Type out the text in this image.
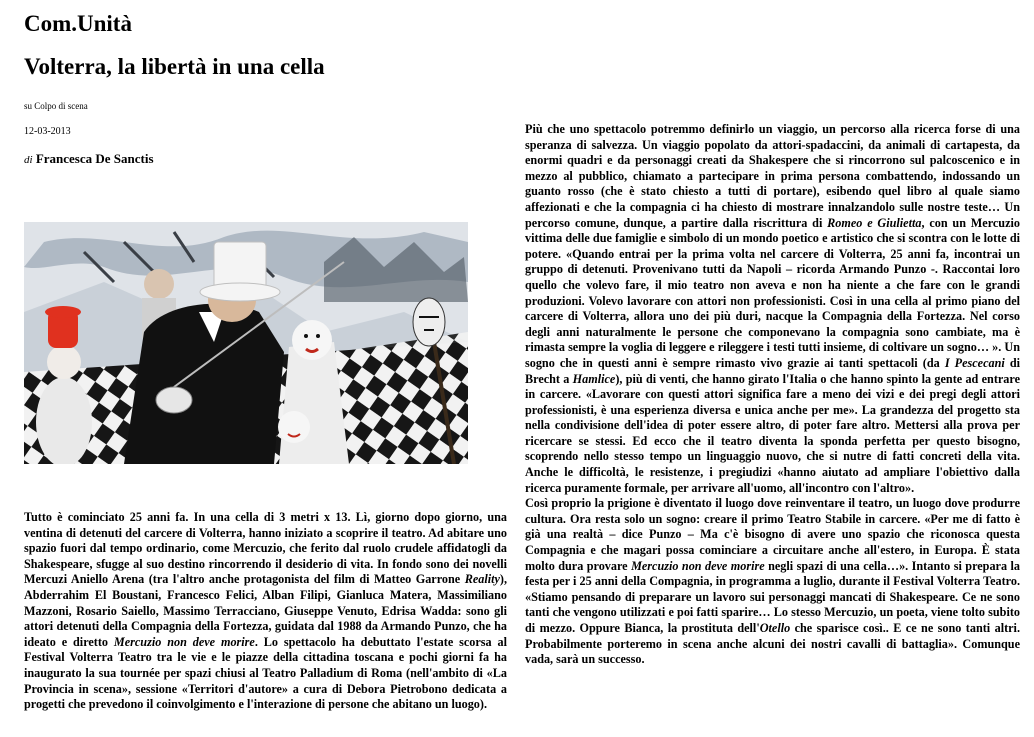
Com.Unità
Volterra, la libertà in una cella
su Colpo di scena
12-03-2013
di Francesca De Sanctis

Tutto è cominciato 25 anni fa. In una cella di 3 metri x 13. Lì, giorno dopo giorno, una ventina di detenuti del carcere di Volterra, hanno iniziato a scoprire il teatro. Ad abitare uno spazio fuori dal tempo ordinario, come Mercuzio, che ferito dal ruolo crudele affidatogli da Shakespeare, sfugge al suo destino rincorrendo il desiderio di vita. In fondo sono dei novelli Mercuzi Aniello Arena (tra l'altro anche protagonista del film di Matteo Garrone Reality), Abderrahim El Boustani, Francesco Felici, Alban Filipi, Gianluca Matera, Massimiliano Mazzoni, Rosario Saiello, Massimo Terracciano, Giuseppe Venuto, Edrisa Wadda: sono gli attori detenuti della Compagnia della Fortezza, guidata dal 1988 da Armando Punzo, che ha ideato e diretto Mercuzio non deve morire. Lo spettacolo ha debuttato l'estate scorsa al Festival Volterra Teatro tra le vie e le piazze della cittadina toscana e pochi giorni fa ha inaugurato la sua tournée per spazi chiusi al Teatro Palladium di Roma (nell'ambito di «La Provincia in scena», sessione «Territori d'autore» a cura di Debora Pietrobono dedicata a progetti che prevedono il coinvolgimento e l'interazione di persone che abitano un luogo).

Più che uno spettacolo potremmo definirlo un viaggio, un percorso alla ricerca forse di una speranza di salvezza. Un viaggio popolato da attori-spadaccini, da animali di cartapesta, da enormi quadri e da personaggi creati da Shakespere che si rincorrono sul palcoscenico e in mezzo al pubblico, chiamato a partecipare in prima persona combattendo, indossando un guanto rosso (che è stato chiesto a tutti di portare), esibendo quel libro al quale siamo affezionati e che la compagnia ci ha chiesto di mostrare innalzandolo sulle nostre teste… Un percorso comune, dunque, a partire dalla riscrittura di Romeo e Giulietta, con un Mercuzio vittima delle due famiglie e simbolo di un mondo poetico e artistico che si scontra con le lotte di potere. «Quando entrai per la prima volta nel carcere di Volterra, 25 anni fa, incontrai un gruppo di detenuti. Provenivano tutti da Napoli – ricorda Armando Punzo -. Raccontai loro quello che volevo fare, il mio teatro non aveva e non ha niente a che fare con le grandi produzioni. Volevo lavorare con attori non professionisti. Così in una cella al primo piano del carcere di Volterra, allora uno dei più duri, nacque la Compagnia della Fortezza. Nel corso degli anni naturalmente le persone che componevano la compagnia sono cambiate, ma è rimasta sempre la voglia di leggere e rileggere i testi tutti insieme, di coltivare un sogno… ». Un sogno che in questi anni è sempre rimasto vivo grazie ai tanti spettacoli (da I Pescecani di Brecht a Hamlice), più di venti, che hanno girato l'Italia o che hanno spinto la gente ad entrare in carcere. «Lavorare con questi attori significa fare a meno dei vizi e dei pregi degli attori professionisti, è una esperienza diversa e unica anche per me». La grandezza del progetto sta nella condivisione dell'idea di poter essere altro, di poter fare altro. Mettersi alla prova per ricercare se stessi. Ed ecco che il teatro diventa la sponda perfetta per questo bisogno, scoprendo nello stesso tempo un linguaggio nuovo, che si nutre di fatti concreti della vita. Anche le difficoltà, le resistenze, i pregiudizi «hanno aiutato ad ampliare l'obiettivo dalla ricerca puramente formale, per arrivare all'uomo, all'incontro con l'altro».

Così proprio la prigione è diventato il luogo dove reinventare il teatro, un luogo dove produrre cultura. Ora resta solo un sogno: creare il primo Teatro Stabile in carcere. «Per me di fatto è già una realtà – dice Punzo – Ma c'è bisogno di avere uno spazio che riconosca questa Compagnia e che magari possa cominciare a circuitare anche all'estero, in Europa. È stata molto dura provare Mercuzio non deve morire negli spazi di una cella…». Intanto si prepara la festa per i 25 anni della Compagnia, in programma a luglio, durante il Festival Volterra Teatro. «Stiamo pensando di preparare un lavoro sui personaggi mancati di Shakespeare. Ce ne sono tanti che vengono utilizzati e poi fatti sparire… Lo stesso Mercuzio, un poeta, viene tolto subito di mezzo. Oppure Bianca, la prostituta dell'Otello che sparisce così.. E ce ne sono tanti altri. Probabilmente porteremo in scena anche alcuni dei nostri cavalli di battaglia». Comunque vada, sarà un successo.
